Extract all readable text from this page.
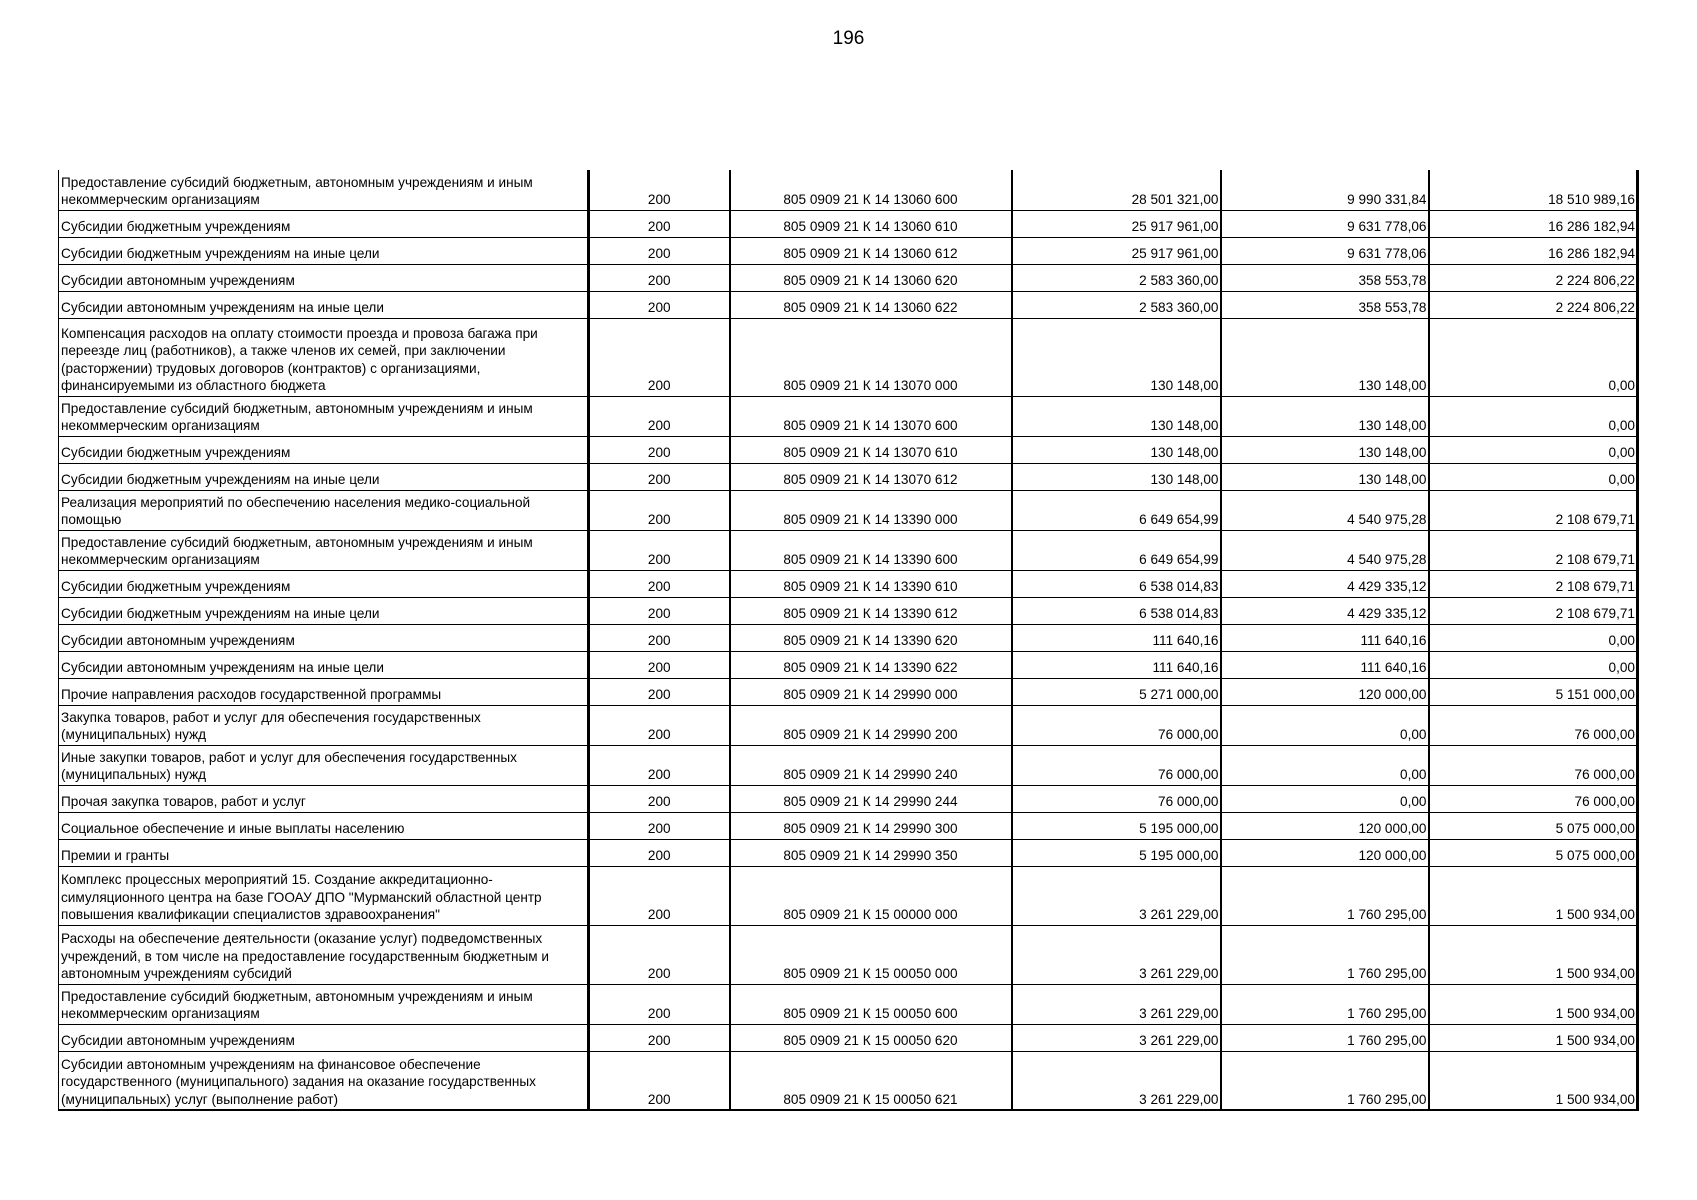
196
Предоставление субсидий бюджетным, автономным учреждениям и иным некоммерческим организациям	200	805 0909 21 К 14 13060 600	28 501 321,00	9 990 331,84	18 510 989,16
Субсидии бюджетным учреждениям	200	805 0909 21 К 14 13060 610	25 917 961,00	9 631 778,06	16 286 182,94
Субсидии бюджетным учреждениям на иные цели	200	805 0909 21 К 14 13060 612	25 917 961,00	9 631 778,06	16 286 182,94
Субсидии автономным учреждениям	200	805 0909 21 К 14 13060 620	2 583 360,00	358 553,78	2 224 806,22
Субсидии автономным учреждениям на иные цели	200	805 0909 21 К 14 13060 622	2 583 360,00	358 553,78	2 224 806,22
Компенсация расходов на оплату стоимости проезда и провоза багажа при переезде лиц (работников), а также членов их семей, при заключении (расторжении) трудовых договоров (контрактов) с организациями, финансируемыми из областного бюджета	200	805 0909 21 К 14 13070 000	130 148,00	130 148,00	0,00
Предоставление субсидий бюджетным, автономным учреждениям и иным некоммерческим организациям	200	805 0909 21 К 14 13070 600	130 148,00	130 148,00	0,00
Субсидии бюджетным учреждениям	200	805 0909 21 К 14 13070 610	130 148,00	130 148,00	0,00
Субсидии бюджетным учреждениям на иные цели	200	805 0909 21 К 14 13070 612	130 148,00	130 148,00	0,00
Реализация мероприятий по обеспечению населения медико-социальной помощью	200	805 0909 21 К 14 13390 000	6 649 654,99	4 540 975,28	2 108 679,71
Предоставление субсидий бюджетным, автономным учреждениям и иным некоммерческим организациям	200	805 0909 21 К 14 13390 600	6 649 654,99	4 540 975,28	2 108 679,71
Субсидии бюджетным учреждениям	200	805 0909 21 К 14 13390 610	6 538 014,83	4 429 335,12	2 108 679,71
Субсидии бюджетным учреждениям на иные цели	200	805 0909 21 К 14 13390 612	6 538 014,83	4 429 335,12	2 108 679,71
Субсидии автономным учреждениям	200	805 0909 21 К 14 13390 620	111 640,16	111 640,16	0,00
Субсидии автономным учреждениям на иные цели	200	805 0909 21 К 14 13390 622	111 640,16	111 640,16	0,00
Прочие направления расходов государственной программы	200	805 0909 21 К 14 29990 000	5 271 000,00	120 000,00	5 151 000,00
Закупка товаров, работ и услуг для обеспечения государственных (муниципальных) нужд	200	805 0909 21 К 14 29990 200	76 000,00	0,00	76 000,00
Иные закупки товаров, работ и услуг для обеспечения государственных (муниципальных) нужд	200	805 0909 21 К 14 29990 240	76 000,00	0,00	76 000,00
Прочая закупка товаров, работ и услуг	200	805 0909 21 К 14 29990 244	76 000,00	0,00	76 000,00
Социальное обеспечение и иные выплаты населению	200	805 0909 21 К 14 29990 300	5 195 000,00	120 000,00	5 075 000,00
Премии и гранты	200	805 0909 21 К 14 29990 350	5 195 000,00	120 000,00	5 075 000,00
Комплекс процессных мероприятий 15. Создание аккредитационно-симуляционного центра на базе ГООАУ ДПО "Мурманский областной центр повышения квалификации специалистов здравоохранения"	200	805 0909 21 К 15 00000 000	3 261 229,00	1 760 295,00	1 500 934,00
Расходы на обеспечение деятельности (оказание услуг) подведомственных учреждений, в том числе на предоставление государственным бюджетным и автономным учреждениям субсидий	200	805 0909 21 К 15 00050 000	3 261 229,00	1 760 295,00	1 500 934,00
Предоставление субсидий бюджетным, автономным учреждениям и иным некоммерческим организациям	200	805 0909 21 К 15 00050 600	3 261 229,00	1 760 295,00	1 500 934,00
Субсидии автономным учреждениям	200	805 0909 21 К 15 00050 620	3 261 229,00	1 760 295,00	1 500 934,00
Субсидии автономным учреждениям на финансовое обеспечение государственного (муниципального) задания на оказание государственных (муниципальных) услуг (выполнение работ)	200	805 0909 21 К 15 00050 621	3 261 229,00	1 760 295,00	1 500 934,00
